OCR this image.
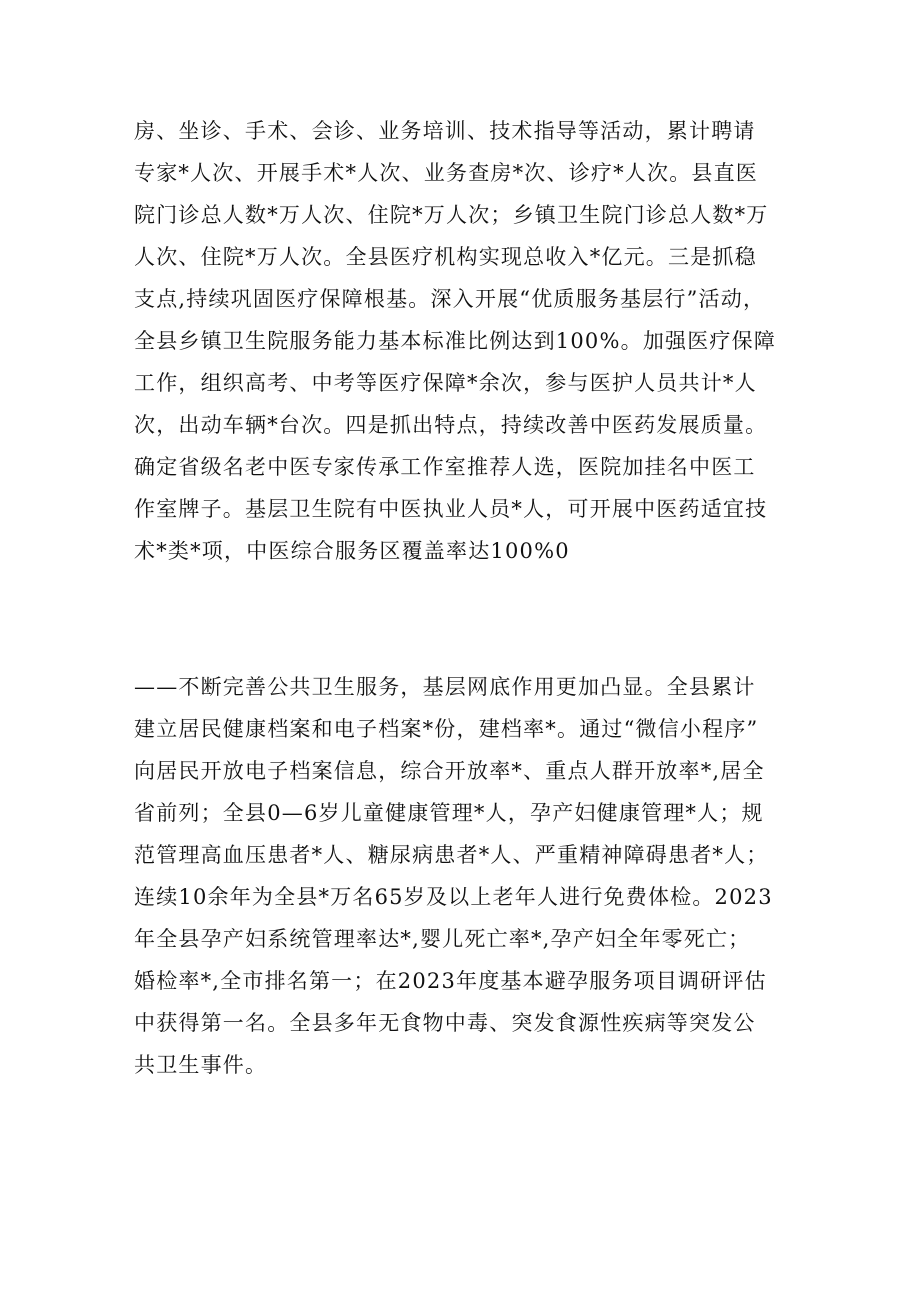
房、坐诊、手术、会诊、业务培训、技术指导等活动，累计聘请
专家*人次、开展手术*人次、业务查房*次、诊疗*人次。县直医
院门诊总人数*万人次、住院*万人次；乡镇卫生院门诊总人数*万
人次、住院*万人次。全县医疗机构实现总收入*亿元。三是抓稳
支点,持续巩固医疗保障根基。深入开展“优质服务基层行”活动，
全县乡镇卫生院服务能力基本标准比例达到100%。加强医疗保障
工作，组织高考、中考等医疗保障*余次，参与医护人员共计*人
次，出动车辆*台次。四是抓出特点，持续改善中医药发展质量。
确定省级名老中医专家传承工作室推荐人选，医院加挂名中医工
作室牌子。基层卫生院有中医执业人员*人，可开展中医药适宜技
术*类*项，中医综合服务区覆盖率达100%0
——不断完善公共卫生服务，基层网底作用更加凸显。全县累计
建立居民健康档案和电子档案*份，建档率*。通过“微信小程序”
向居民开放电子档案信息，综合开放率*、重点人群开放率*,居全
省前列；全县0—6岁儿童健康管理*人，孕产妇健康管理*人；规
范管理高血压患者*人、糖尿病患者*人、严重精神障碍患者*人；
连续10余年为全县*万名65岁及以上老年人进行免费体检。2023
年全县孕产妇系统管理率达*,婴儿死亡率*,孕产妇全年零死亡；
婚检率*,全市排名第一；在2023年度基本避孕服务项目调研评估
中获得第一名。全县多年无食物中毒、突发食源性疾病等突发公
共卫生事件。
